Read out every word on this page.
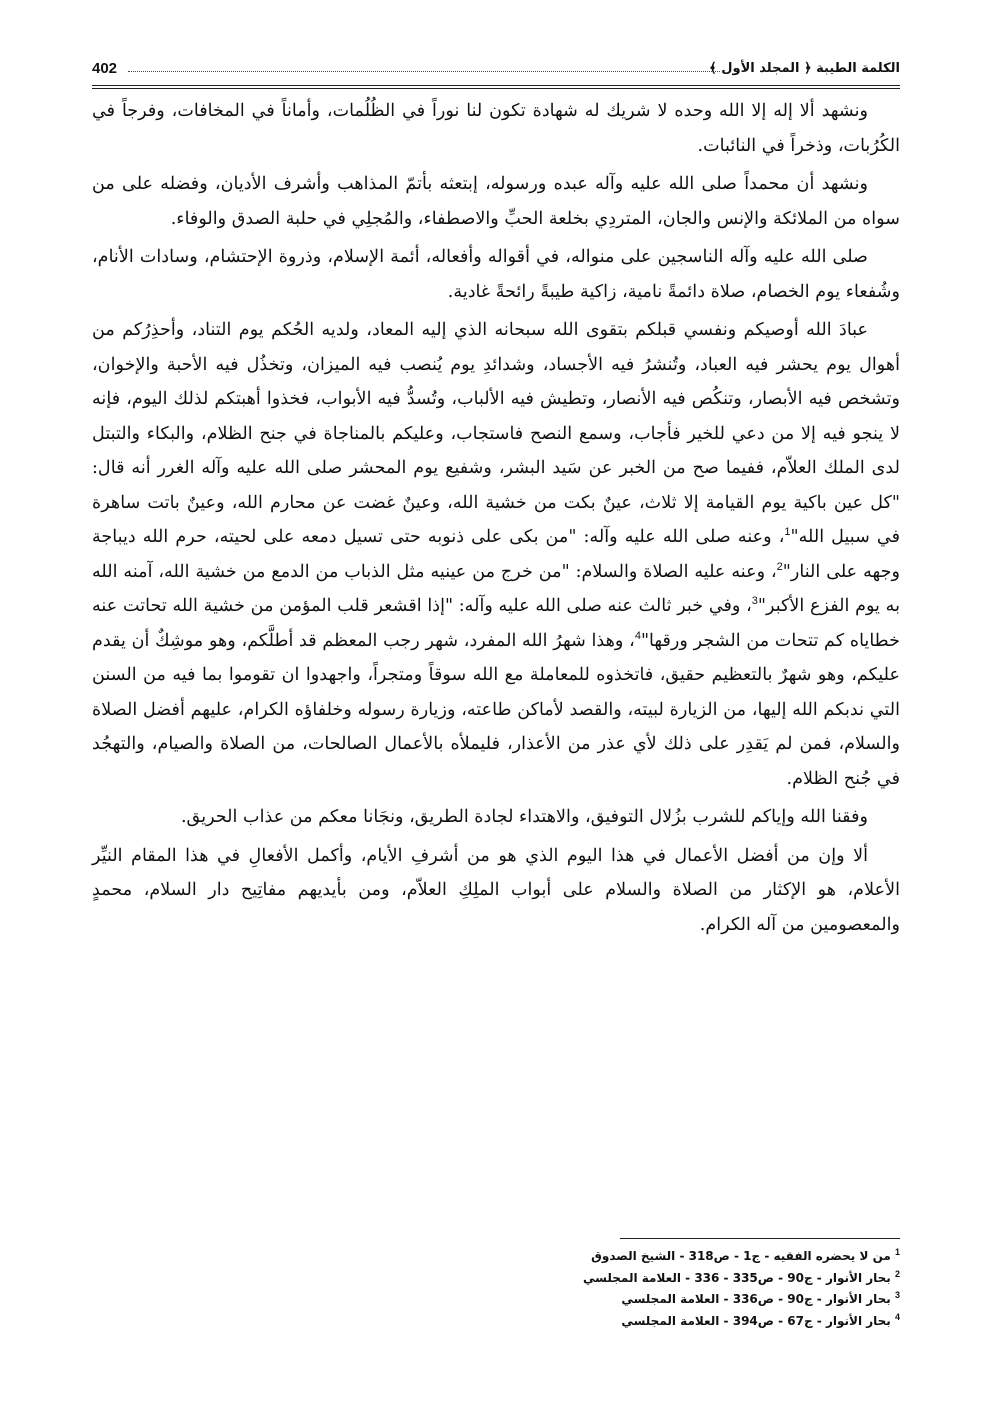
402	الكلمة الطيبة ﴿ المجلد الأول ﴾

ونشهد ألا إله إلا الله وحده لا شريك له شهادة تكون لنا نوراً في الظُلُمات، وأماناً في المخافات، وفرجاً في الكُرُبات، وذخراً في النائبات.

ونشهد أن محمداً صلى الله عليه وآله عبده ورسوله، إبتعثه بأتمّ المذاهب وأشرف الأديان، وفضله على من سواه من الملائكة والإنس والجان، المتردِي بخلعة الحبِّ والاصطفاء، والمُجلِي في حلبة الصدق والوفاء.

صلى الله عليه وآله الناسجين على منواله، في أقواله وأفعاله، أئمة الإسلام، وذروة الإحتشام، وسادات الأنام، وشُفعاء يوم الخصام، صلاة دائمةً نامية، زاكية طيبةً رائحةً غادية.

عبادَ الله أوصيكم ونفسي قبلكم بتقوى الله سبحانه الذي إليه المعاد، ولديه الحُكم يوم التناد، وأحذِرُكم من أهوال يوم يحشر فيه العباد، وتُنشرُ فيه الأجساد، وشدائدِ يوم يُنصب فيه الميزان، وتخذُل فيه الأحبة والإخوان، وتشخص فيه الأبصار، وتنكُص فيه الأنصار، وتطيش فيه الألباب، وتُسدُّ فيه الأبواب، فخذوا أهبتكم لذلك اليوم، فإنه لا ينجو فيه إلا من دعي للخير فأجاب، وسمع النصح فاستجاب، وعليكم بالمناجاة في جنح الظلام، والبكاء والتبتل لدى الملك العلاّم، ففيما صح من الخبر عن سَيد البشر، وشفيع يوم المحشر صلى الله عليه وآله الغرر أنه قال: "كل عين باكية يوم القيامة إلا ثلاث، عينٌ بكت من خشية الله، وعينٌ غضت عن محارم الله، وعينٌ باتت ساهرة في سبيل الله"$^1$، وعنه صلى الله عليه وآله: "من بكى على ذنوبه حتى تسيل دمعه على لحيته، حرم الله ديباجة وجهه على النار"$^2$، وعنه عليه الصلاة والسلام: "من خرج من عينيه مثل الذباب من الدمع من خشية الله، آمنه الله به يوم الفزع الأكبر"$^3$، وفي خبر ثالث عنه صلى الله عليه وآله: "إذا اقشعر قلب المؤمن من خشية الله تحاتت عنه خطاياه كم تتحات من الشجر ورقها"$^4$، وهذا شهرُ الله المفرد، شهر رجب المعظم قد أطلَّكم، وهو موشِكٌ أن يقدم عليكم، وهو شهرٌ بالتعظيم حقيق، فاتخذوه للمعاملة مع الله سوقاً ومتجراً، واجهدوا ان تقوموا بما فيه من السنن التي ندبكم الله إليها، من الزيارة لبيته، والقصد لأماكن طاعته، وزيارة رسوله وخلفاؤه الكرام، عليهم أفضل الصلاة والسلام، فمن لم يَقدِر على ذلك لأي عذر من الأعذار، فليملأه بالأعمال الصالحات، من الصلاة والصيام، والتهجُد في جُنح الظلام.

وفقنا الله وإياكم للشرب بزُلال التوفيق، والاهتداء لجادة الطريق، ونجَانا معكم من عذاب الحريق.

ألا وإن من أفضل الأعمال في هذا اليوم الذي هو من أشرفِ الأيام، وأكمل الأفعالِ في هذا المقام النيِّر الأعلام، هو الإكثار من الصلاة والسلام على أبواب الملِكِ العلاّم، ومن بأيديهم مفاتِيح دار السلام، محمدٍ والمعصومين من آله الكرام.

$^1$ من لا يحضره الفقيه - ج1 - ص318 - الشيخ الصدوق
$^2$ بحار الأنوار - ج90 - ص335 - 336 - العلامة المجلسي
$^3$ بحار الأنوار - ج90 - ص336 - العلامة المجلسي
$^4$ بحار الأنوار - ج67 - ص394 - العلامة المجلسي
